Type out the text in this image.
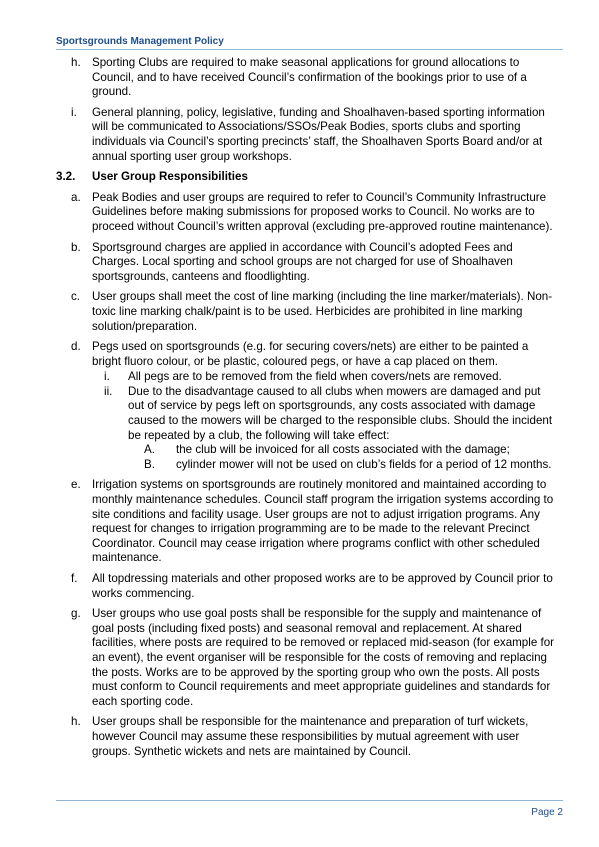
Sportsgrounds Management Policy
h. Sporting Clubs are required to make seasonal applications for ground allocations to Council, and to have received Council’s confirmation of the bookings prior to use of a ground.
i.	General planning, policy, legislative, funding and Shoalhaven-based sporting information will be communicated to Associations/SSOs/Peak Bodies, sports clubs and sporting individuals via Council’s sporting precincts’ staff, the Shoalhaven Sports Board and/or at annual sporting user group workshops.
3.2.	User Group Responsibilities
a. Peak Bodies and user groups are required to refer to Council’s Community Infrastructure Guidelines before making submissions for proposed works to Council. No works are to proceed without Council’s written approval (excluding pre-approved routine maintenance).
b. Sportsground charges are applied in accordance with Council’s adopted Fees and Charges. Local sporting and school groups are not charged for use of Shoalhaven sportsgrounds, canteens and floodlighting.
c.	User groups shall meet the cost of line marking (including the line marker/materials). Non-toxic line marking chalk/paint is to be used. Herbicides are prohibited in line marking solution/preparation.
d. Pegs used on sportsgrounds (e.g. for securing covers/nets) are either to be painted a bright fluoro colour, or be plastic, coloured pegs, or have a cap placed on them.
i.	All pegs are to be removed from the field when covers/nets are removed.
ii.	Due to the disadvantage caused to all clubs when mowers are damaged and put out of service by pegs left on sportsgrounds, any costs associated with damage caused to the mowers will be charged to the responsible clubs. Should the incident be repeated by a club, the following will take effect:
A.	the club will be invoiced for all costs associated with the damage;
B.	cylinder mower will not be used on club’s fields for a period of 12 months.
e. Irrigation systems on sportsgrounds are routinely monitored and maintained according to monthly maintenance schedules. Council staff program the irrigation systems according to site conditions and facility usage. User groups are not to adjust irrigation programs. Any request for changes to irrigation programming are to be made to the relevant Precinct Coordinator. Council may cease irrigation where programs conflict with other scheduled maintenance.
f.	All topdressing materials and other proposed works are to be approved by Council prior to works commencing.
g. User groups who use goal posts shall be responsible for the supply and maintenance of goal posts (including fixed posts) and seasonal removal and replacement. At shared facilities, where posts are required to be removed or replaced mid-season (for example for an event), the event organiser will be responsible for the costs of removing and replacing the posts. Works are to be approved by the sporting group who own the posts. All posts must conform to Council requirements and meet appropriate guidelines and standards for each sporting code.
h. User groups shall be responsible for the maintenance and preparation of turf wickets, however Council may assume these responsibilities by mutual agreement with user groups. Synthetic wickets and nets are maintained by Council.
Page 2
